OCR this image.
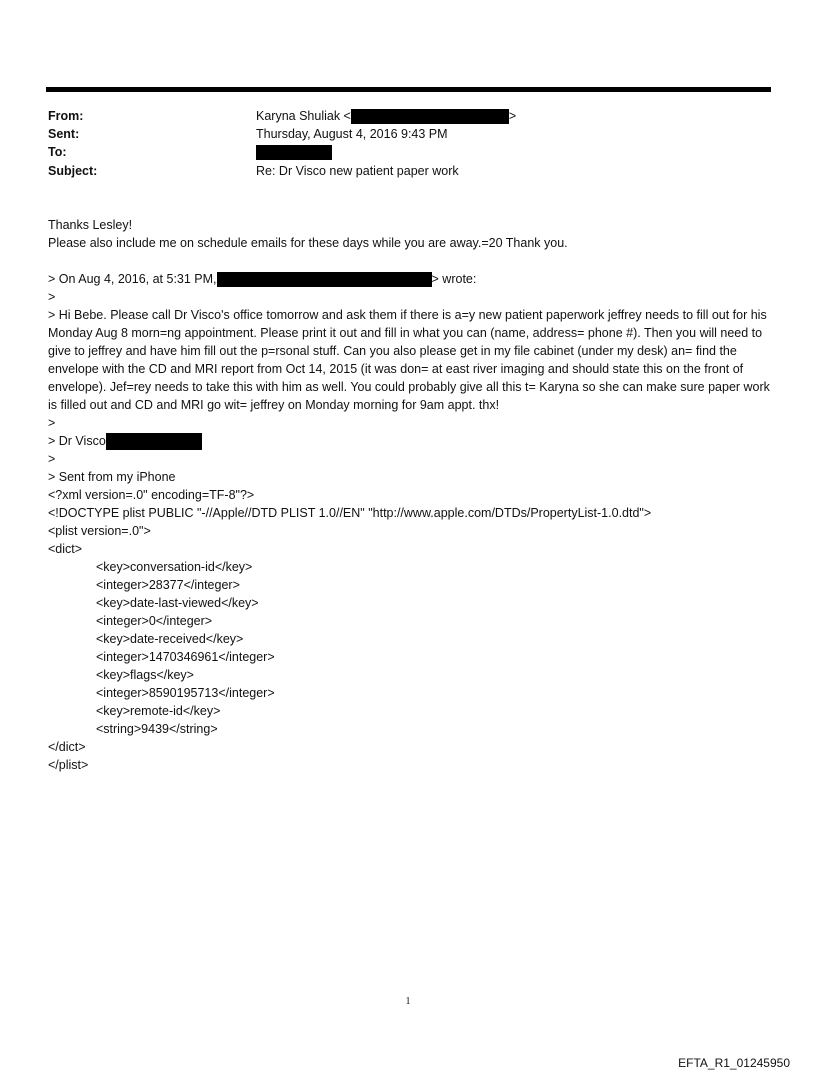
From:	Karyna Shuliak <	>
Sent:	Thursday, August 4, 2016 9:43 PM
To:
Subject:	Re: Dr Visco new patient paper work

Thanks Lesley!

Please also include me on schedule emails for these days while you are away.=20 Thank you.

> On Aug 4, 2016, at 5:31 PM,	> wrote:

>

> Hi Bebe. Please call Dr Visco's office tomorrow and ask them if there is a=y new patient paperwork jeffrey needs to fill out for his Monday Aug 8 morn=ng appointment. Please print it out and fill in what you can (name, address= phone #). Then you will need to give to jeffrey and have him fill out the p=rsonal stuff. Can you also please get in my file cabinet (under my desk) an= find the envelope with the CD and MRI report from Oct 14, 2015 (it was don= at east river imaging and should state this on the front of envelope). Jef=rey needs to take this with him as well. You could probably give all this t= Karyna so she can make sure paper work is filled out and CD and MRI go wit= jeffrey on Monday morning for 9am appt. thx!

>

> Dr Visco

>

> Sent from my iPhone

<?xml version=.0" encoding=TF-8"?>

<!DOCTYPE plist PUBLIC "-//Apple//DTD PLIST 1.0//EN" "http://www.apple.com/DTDs/PropertyList-1.0.dtd">

<plist version=.0">

<dict>

<key>conversation-id</key>

<integer>28377</integer>

<key>date-last-viewed</key>

<integer>0</integer>

<key>date-received</key>

<integer>1470346961</integer>

<key>flags</key>

<integer>8590195713</integer>

<key>remote-id</key>

<string>9439</string>

</dict>

</plist>

1
EFTA_R1_01245950
